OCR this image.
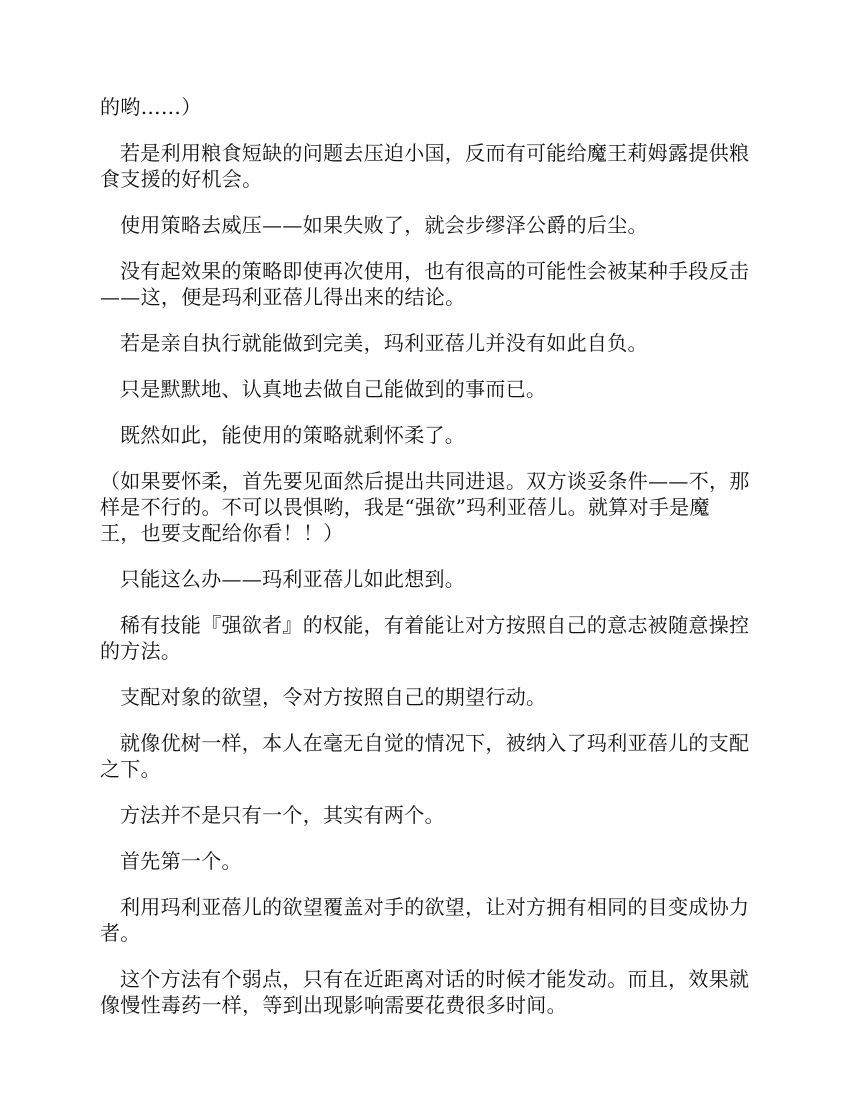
的哟……）

若是利用粮食短缺的问题去压迫小国，反而有可能给魔王莉姆露提供粮食支援的好机会。

使用策略去威压——如果失败了，就会步缪泽公爵的后尘。

没有起效果的策略即使再次使用，也有很高的可能性会被某种手段反击——这，便是玛利亚蓓儿得出来的结论。

若是亲自执行就能做到完美，玛利亚蓓儿并没有如此自负。

只是默默地、认真地去做自己能做到的事而已。

既然如此，能使用的策略就剩怀柔了。

（如果要怀柔，首先要见面然后提出共同进退。双方谈妥条件——不，那样是不行的。不可以畏惧哟，我是“强欲”玛利亚蓓儿。就算对手是魔王，也要支配给你看！！）

只能这么办——玛利亚蓓儿如此想到。

稀有技能『强欲者』的权能，有着能让对方按照自己的意志被随意操控的方法。

支配对象的欲望，令对方按照自己的期望行动。

就像优树一样，本人在毫无自觉的情况下，被纳入了玛利亚蓓儿的支配之下。

方法并不是只有一个，其实有两个。

首先第一个。

利用玛利亚蓓儿的欲望覆盖对手的欲望，让对方拥有相同的目变成协力者。

这个方法有个弱点，只有在近距离对话的时候才能发动。而且，效果就像慢性毒药一样，等到出现影响需要花费很多时间。
